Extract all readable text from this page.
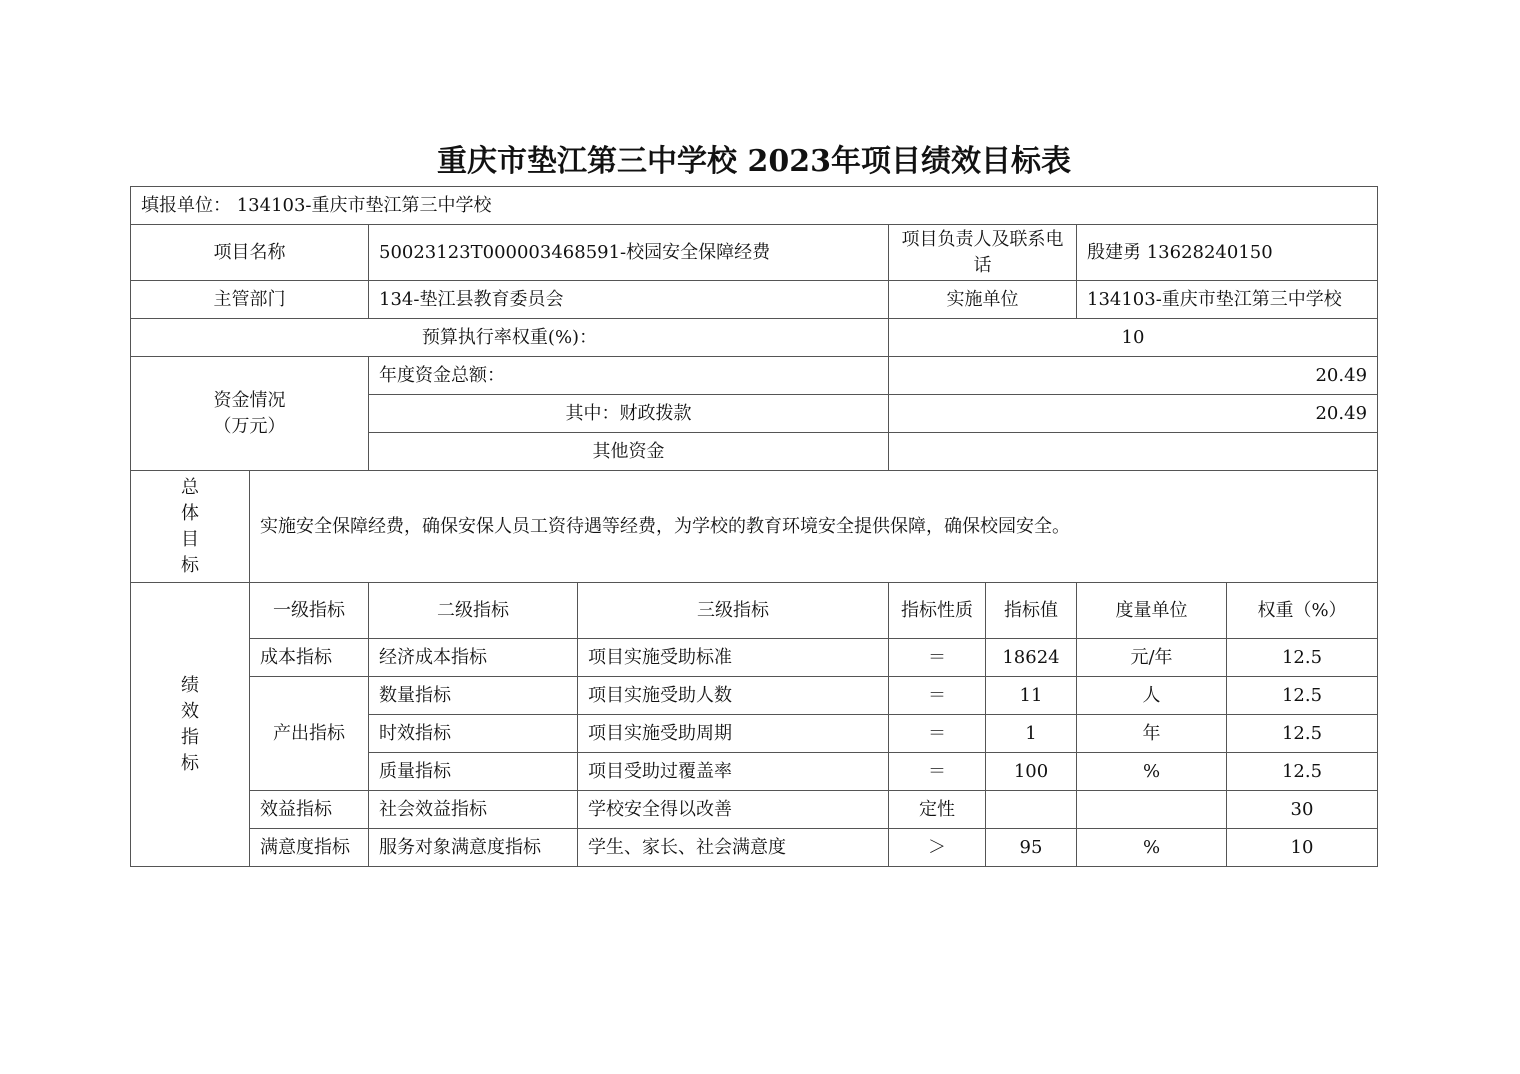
重庆市垫江第三中学校 2023年项目绩效目标表
填报单位： 134103-重庆市垫江第三中学校							
项目名称		50023123T000003468591-校园安全保障经费		项目负责人及联系电话		殷建勇 13628240150	
主管部门		134-垫江县教育委员会		实施单位		134103-重庆市垫江第三中学校	
预算执行率权重(%)：				10			

资金情况
（万元）		年度资金总额：		20.49			
		其中：财政拨款		20.49			
		其他资金					

总
体
目
标	实施安全保障经费，确保安保人员工资待遇等经费，为学校的教育环境安全提供保障，确保校园安全。						

绩
效
指
标	一级指标	二级指标	三级指标	指标性质	指标值	度量单位	权重（%）
	成本指标	经济成本指标	项目实施受助标准	＝	18624	元/年	12.5
	产出指标	数量指标	项目实施受助人数	＝	11	人	12.5
		时效指标	项目实施受助周期	＝	1	年	12.5
		质量指标	项目受助过覆盖率	＝	100	%	12.5
	效益指标	社会效益指标	学校安全得以改善	定性			30
	满意度指标	服务对象满意度指标	学生、家长、社会满意度	＞	95	%	10
